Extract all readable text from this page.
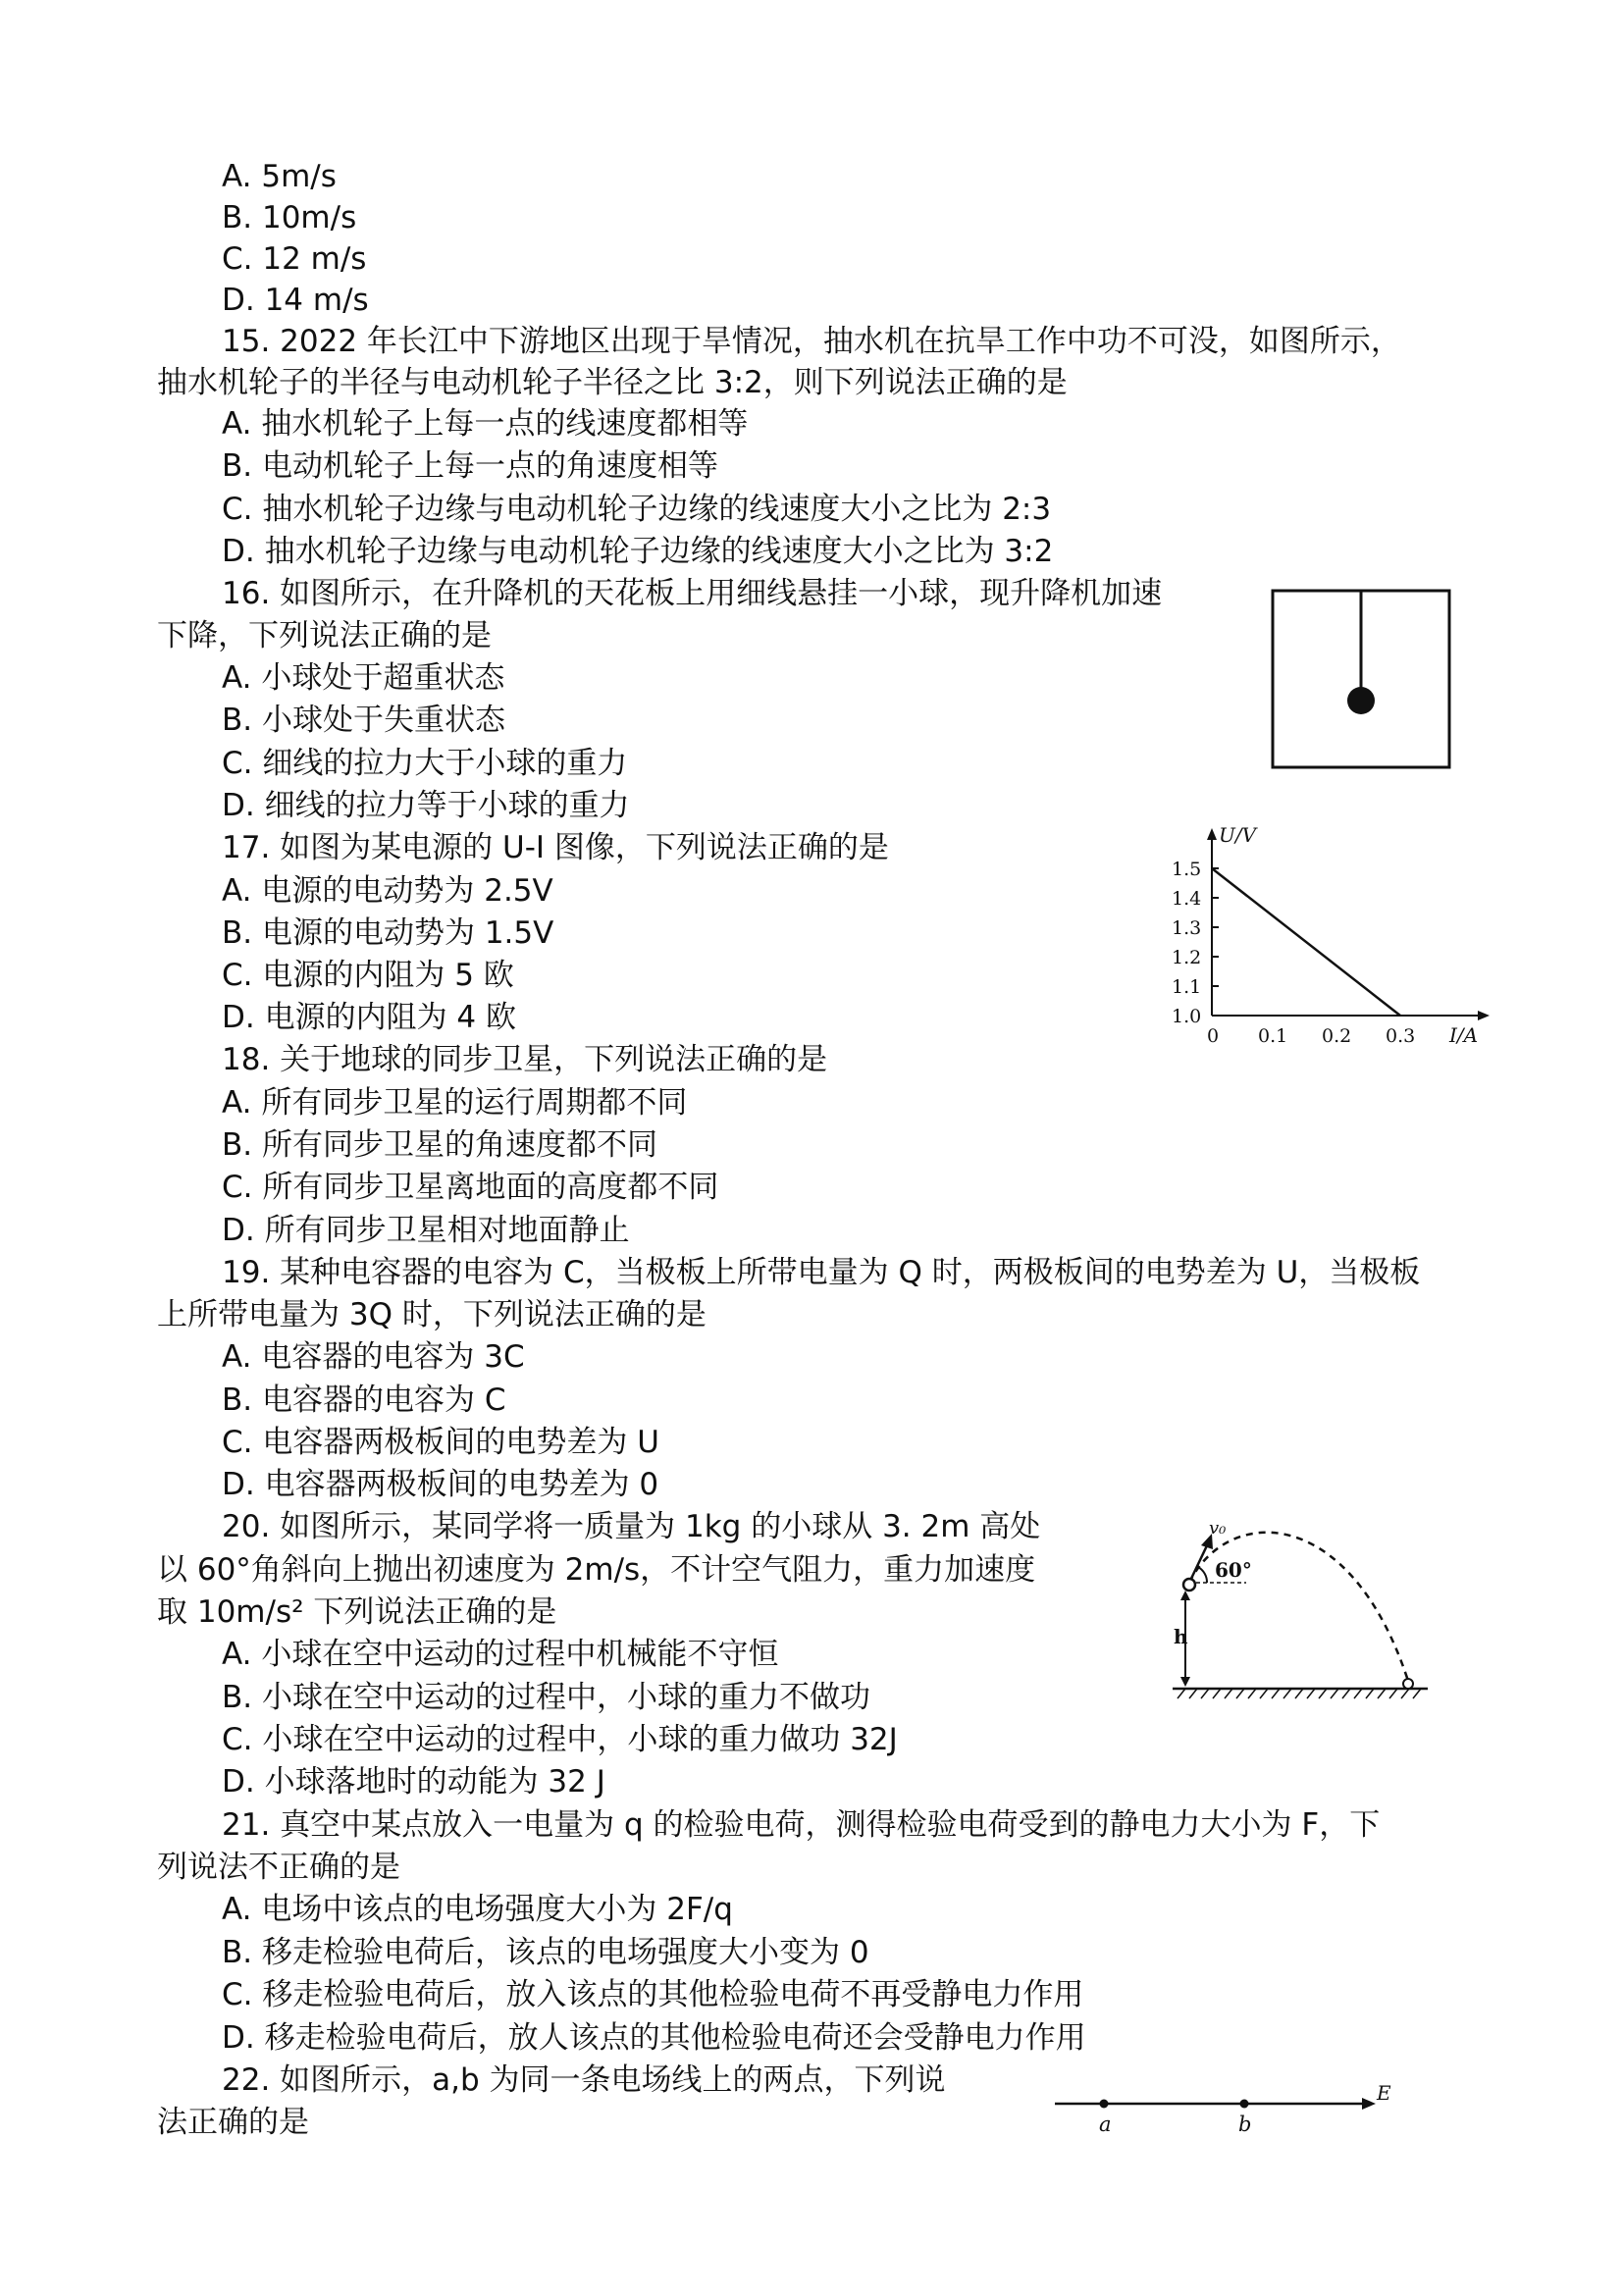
A. 5m/s
B. 10m/s
C. 12 m/s
D. 14 m/s
15. 2022 年长江中下游地区出现于旱情况，抽水机在抗旱工作中功不可没，如图所示，
抽水机轮子的半径与电动机轮子半径之比 3:2，则下列说法正确的是
A. 抽水机轮子上每一点的线速度都相等
B. 电动机轮子上每一点的角速度相等
C. 抽水机轮子边缘与电动机轮子边缘的线速度大小之比为 2:3
D. 抽水机轮子边缘与电动机轮子边缘的线速度大小之比为 3:2
16. 如图所示，在升降机的天花板上用细线悬挂一小球，现升降机加速
下降，下列说法正确的是
A. 小球处于超重状态
B. 小球处于失重状态
C. 细线的拉力大于小球的重力
D. 细线的拉力等于小球的重力
17. 如图为某电源的 U-I 图像，下列说法正确的是
A. 电源的电动势为 2.5V
B. 电源的电动势为 1.5V
C. 电源的内阻为 5 欧
D. 电源的内阻为 4 欧
U/V
I/A
1.5
1.4
1.3
1.2
1.1
1.0
0 0.1 0.2 0.3
18. 关于地球的同步卫星，下列说法正确的是
A. 所有同步卫星的运行周期都不同
B. 所有同步卫星的角速度都不同
C. 所有同步卫星离地面的高度都不同
D. 所有同步卫星相对地面静止
19. 某种电容器的电容为 C，当极板上所带电量为 Q 时，两极板间的电势差为 U，当极板
上所带电量为 3Q 时，下列说法正确的是
A. 电容器的电容为 3C
B. 电容器的电容为 C
C. 电容器两极板间的电势差为 U
D. 电容器两极板间的电势差为 0
20. 如图所示，某同学将一质量为 1kg 的小球从 3. 2m 高处
以 60°角斜向上抛出初速度为 2m/s，不计空气阻力，重力加速度
取 10m/s² 下列说法正确的是
A. 小球在空中运动的过程中机械能不守恒
B. 小球在空中运动的过程中，小球的重力不做功
C. 小球在空中运动的过程中，小球的重力做功 32J
D. 小球落地时的动能为 32 J
v₀
60°
h
21. 真空中某点放入一电量为 q 的检验电荷，测得检验电荷受到的静电力大小为 F，下
列说法不正确的是
A. 电场中该点的电场强度大小为 2F/q
B. 移走检验电荷后，该点的电场强度大小变为 0
C. 移走检验电荷后，放入该点的其他检验电荷不再受静电力作用
D. 移走检验电荷后，放人该点的其他检验电荷还会受静电力作用
22. 如图所示，a,b 为同一条电场线上的两点，下列说
法正确的是
E
a	b
